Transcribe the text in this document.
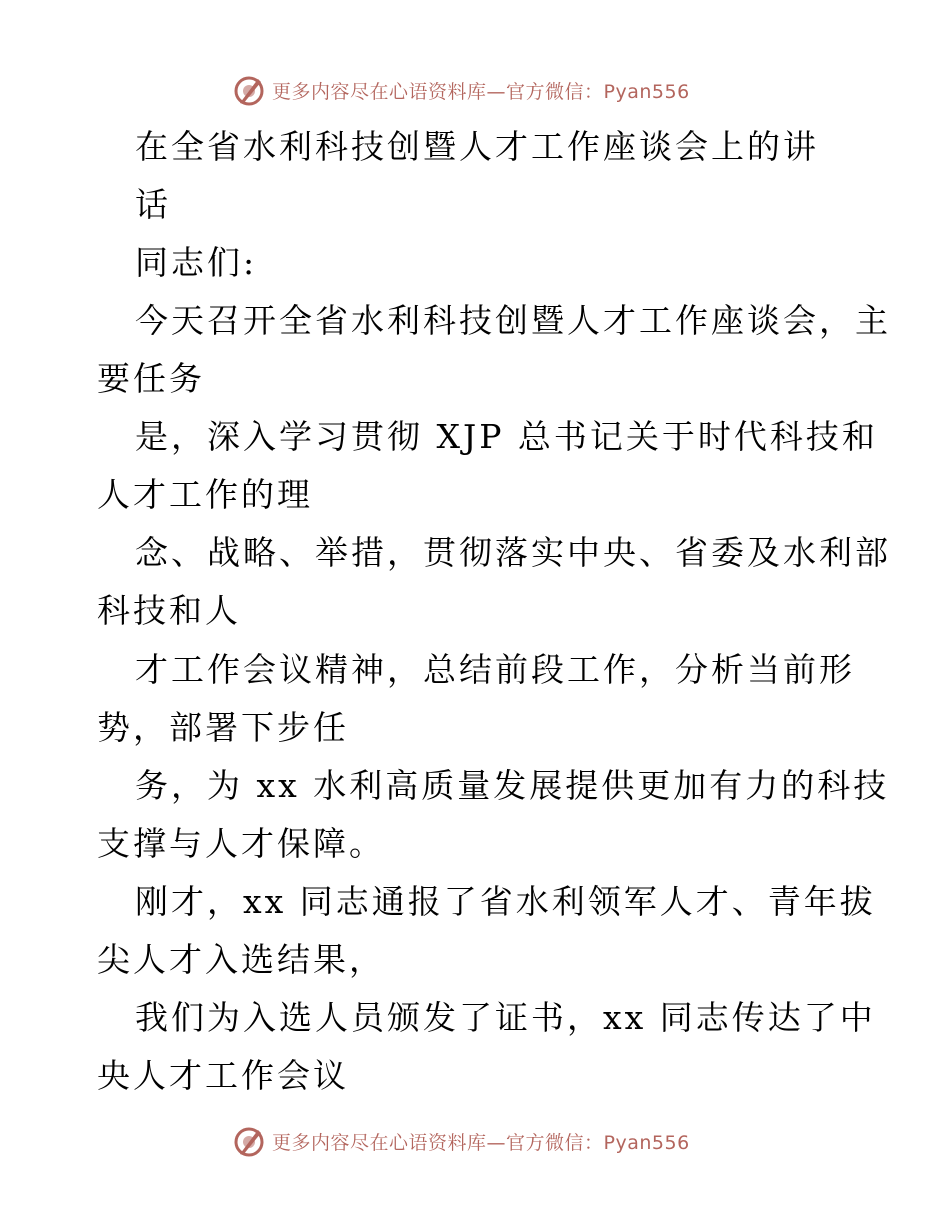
更多内容尽在心语资料库—官方微信：Pyan556
在全省水利科技创暨人才工作座谈会上的讲
话
同志们:
今天召开全省水利科技创暨人才工作座谈会，主
要任务
是，深入学习贯彻 XJP 总书记关于时代科技和
人才工作的理
念、战略、举措，贯彻落实中央、省委及水利部
科技和人
才工作会议精神，总结前段工作，分析当前形
势，部署下步任
务，为 xx 水利高质量发展提供更加有力的科技
支撑与人才保障。
刚才，xx 同志通报了省水利领军人才、青年拔
尖人才入选结果，
我们为入选人员颁发了证书，xx 同志传达了中
央人才工作会议
更多内容尽在心语资料库—官方微信：Pyan556
